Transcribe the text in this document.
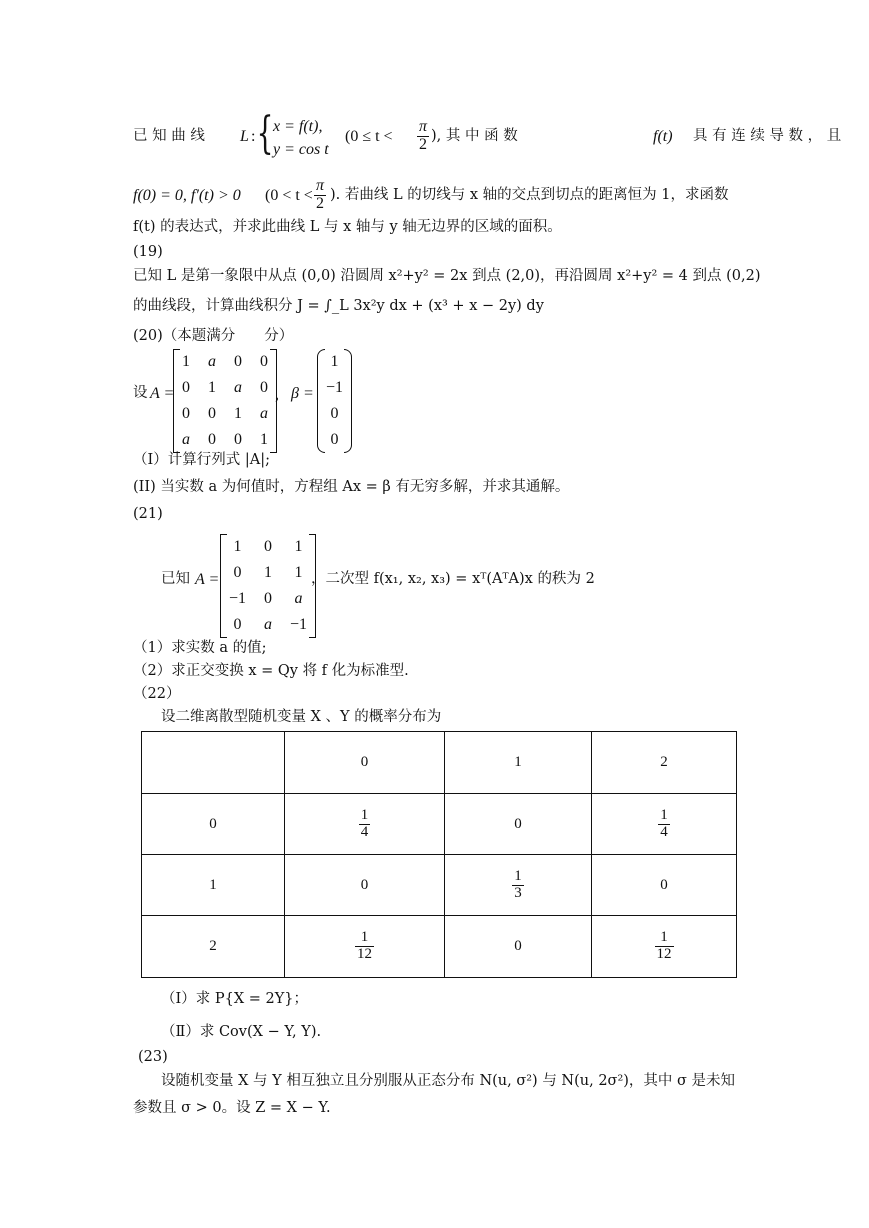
已 知 曲 线 L : { x = f(t),
y = cos t
($0 \le t < \frac{\pi}{2}$ ), 其 中 函 数	f(t) 具 有 连 续 导 数 ， 且
f(0) = 0, f′(t) > 0 ($0 < t < \frac{\pi}{2}$ ). 若曲线 L 的切线与 x 轴的交点到切点的距离恒为 1，求函数
f(t) 的表达式，并求此曲线 L 与 x 轴与 y 轴无边界的区域的面积。
(19)
已知 L 是第一象限中从点 (0,0) 沿圆周 x²+y² = 2x 到点 (2,0)，再沿圆周 x²+y² = 4 到点 (0,2)
的曲线段，计算曲线积分 J = ∫_L 3x²y dx + (x³ + x − 2y) dy
(20)（本题满分　　分）
设 A =
1	a	0	0
0	1	a	0
0	0	1	a
a	0	0	1
, β =
1
−1
0
0
（I）计算行列式 |A|;
(II) 当实数 a 为何值时，方程组 Ax = β 有无穷多解，并求其通解。
(21)
已知 A =
1	0	1
0	1	1
−1	0	a
0	a	−1
，二次型 f(x₁, x₂, x₃) = xᵀ(AᵀA)x 的秩为 2
（1）求实数 a 的值;
（2）求正交变换 x = Qy 将 f 化为标准型.
（22）
设二维离散型随机变量 X 、Y 的概率分布为
	0	1	2
0	$\frac{1}{4}$	0	$\frac{1}{4}$

1	0	$\frac{1}{3}$	0
2	$\frac{1}{12}$	0	$\frac{1}{12}$
（Ⅰ）求 P{X = 2Y}；
（Ⅱ）求 Cov(X − Y, Y).
(23)
设随机变量 X 与 Y 相互独立且分别服从正态分布 N(u, σ²) 与 N(u, 2σ²)，其中 σ 是未知
参数且 σ > 0。设 Z = X − Y.
